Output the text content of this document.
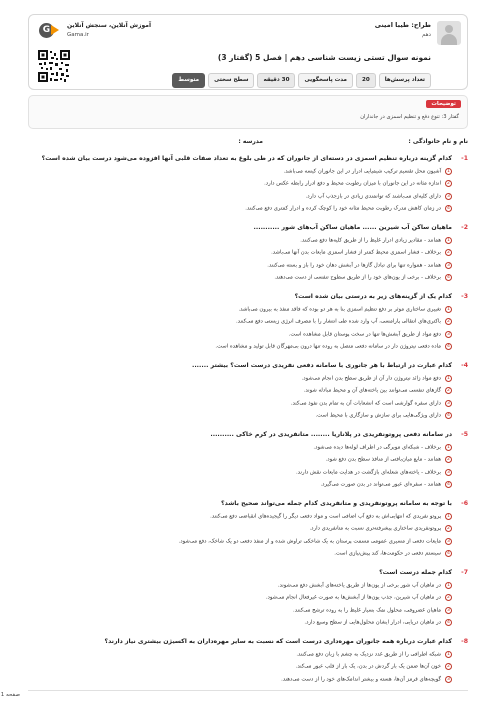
طراح: طیبا امینی
دهم
G	آموزش آنلاین، سنجش آنلاین
Gama.ir
نمونه سوال تستی زیست شناسی دهم | فصل 5 (گفتار 3)
تعداد پرسش‌ها
20
مدت پاسخگویی
30 دقیقه
سطح سختی
متوسط
توضیحات
گفتار 3: تنوع دفع و تنظیم اسمزی در جانداران
نام و نام خانوادگی :
مدرسه :
-1
کدام گزینه درباره تنظیم اسمزی در دسته‌ای از جانوران که در طی بلوغ به تعداد صفات قلبی آنها افزوده می‌شود درست بیان شده است؟
1آشیون محل تقسیم ترکیب شیمیایی ادرار در این جانوران کیسه می‌باشد.
2اندازه مثانه در این جانوران با میزان رطوبت محیط و دفع ادرار رابطه عکس دارد.
3دارای کلیه‌ای می‌باشند که توانمندی زیادی در بازجذب آب دارد.
4در زمان کاهش مدرک رطوبت محیط مثانه خود را کوچک کرده و ادرار کمتری دفع می‌کنند.
-2
ماهیان ساکن آب شیرین ...... ماهیان ساکن آب‌های شور ...........
1همانند - مقادیر زیادی ادرار غلیظ را از طریق کلیه‌ها دفع می‌کنند.
2برخلاف - فشار اسمزی محیط کمتر از فشار اسمزی مایعات بدن آنها می‌باشد.
3همانند - همواره تنها برای تبادل گازها در آبشش دهان خود را باز و بسته می‌کنند.
4برخلاف - برخی از یون‌های خود را از طریق سطوح تنفسی از دست می‌دهند.
-3
کدام یک از گزینه‌های زیر به درستی بیان شده است؟
1تغییری ساختاری موثر بر دفع تنظیم اسمزی بنا به هر دو بوده که فاقد منفذ به بیرون می‌باشد.
2باکتری‌های انتقالی پارامسی، آب وارد شده طی انتشار را با مصرف انرژی زیستی دفع می‌کنند.
3دفع مواد از طریق آبشش‌ها تنها در سخت پوستان قابل مشاهده است.
4ماده دفعی نیتروژن دار در سامانه دفعی متصل به روده تنها درون بی‌مهرگان قابل تولید و مشاهده است.
-4
کدام عبارت در ارتباط با هر جانوری با سامانه دفعی نفریدی درست است؟ بیشتر .......
1دفع مواد زائد نیتروژن دار آن از طریق سطح بدن انجام می‌شود.
2گازهای تنفسی می‌توانند بین یاخته‌های آن و محیط مبادله شوند.
3دارای سفره گوارشی است که انشعابات آن به تمام بدن نفوذ می‌کند.
4دارای ویژگی‌هایی برای سازش و سازگاری با محیط است.
-5
در سامانه دفعی پروتونفریدی در پلاناریا ........ متانفریدی در کرم خاکی ..........
1برخلاف - شبکه‌ای مویرگی در اطراف لوله‌ها دیده می‌شود.
2همانند - مایع میان‌بافتی از منافذ سطح بدن دفع شود.
3برخلاف - یاخته‌های شعله‌ای بازگشت در هدایت مایعات نقش دارند.
4همانند - سفره‌ای عبور می‌تواند در بدن صورت می‌گیرد.
-6
با توجه به سامانه پروتونفریدی و متانفریدی کدام جمله می‌تواند صحیح باشد؟
1پروتو نفریدی که انتهایی‌اش به دفع آب اضافی است و مواد دفعی دیگر را گیجیده‌های انقباضی دفع می‌کنند.
2پروتونفریدی ساختاری پیشرفته‌تری نسبت به متانفریدی دارد.
3مایعات دفعی از مسیری عمومی مسمت پرستان به یک شاخکی تراوش شده و از منفذ دفعی دو یک شاخک، دفع می‌شود.
4سیستم دفعی در حکومت‌ها، کند پیش‌نیازی است.
-7
کدام جمله درست است؟
1در ماهیان آب شور برخی از یون‌ها از طریق یاخته‌های آبشش دفع می‌شوند.
2در ماهیان آب شیرین، جذب یون‌ها از آبشش‌ها به صورت غیرفعال انجام می‌شود.
3ماهیان غضروفی، محلول نمک بسیار غلیظ را به روده ترشح می‌کنند.
4در ماهیان دریایی، ادرار ایشان محلول‌هایی از سطح وسیع دارد.
-8
کدام عبارت درباره همه جانوران مهره‌داری درست است که نسبت به سایر مهره‌داران به اکسیژن بیشتری نیاز دارند؟
1شبکه اطرافی را از طریق غدد نزدیک به چشم با زبان دفع می‌کنند.
2خون آن‌ها ضمن یک بار گردش در بدن، یک بار از قلب عبور می‌کند.
3گویچه‌های قرمز آن‌ها، هسته و بیشتر اندامک‌های خود را از دست می‌دهند.
صفحه 1
